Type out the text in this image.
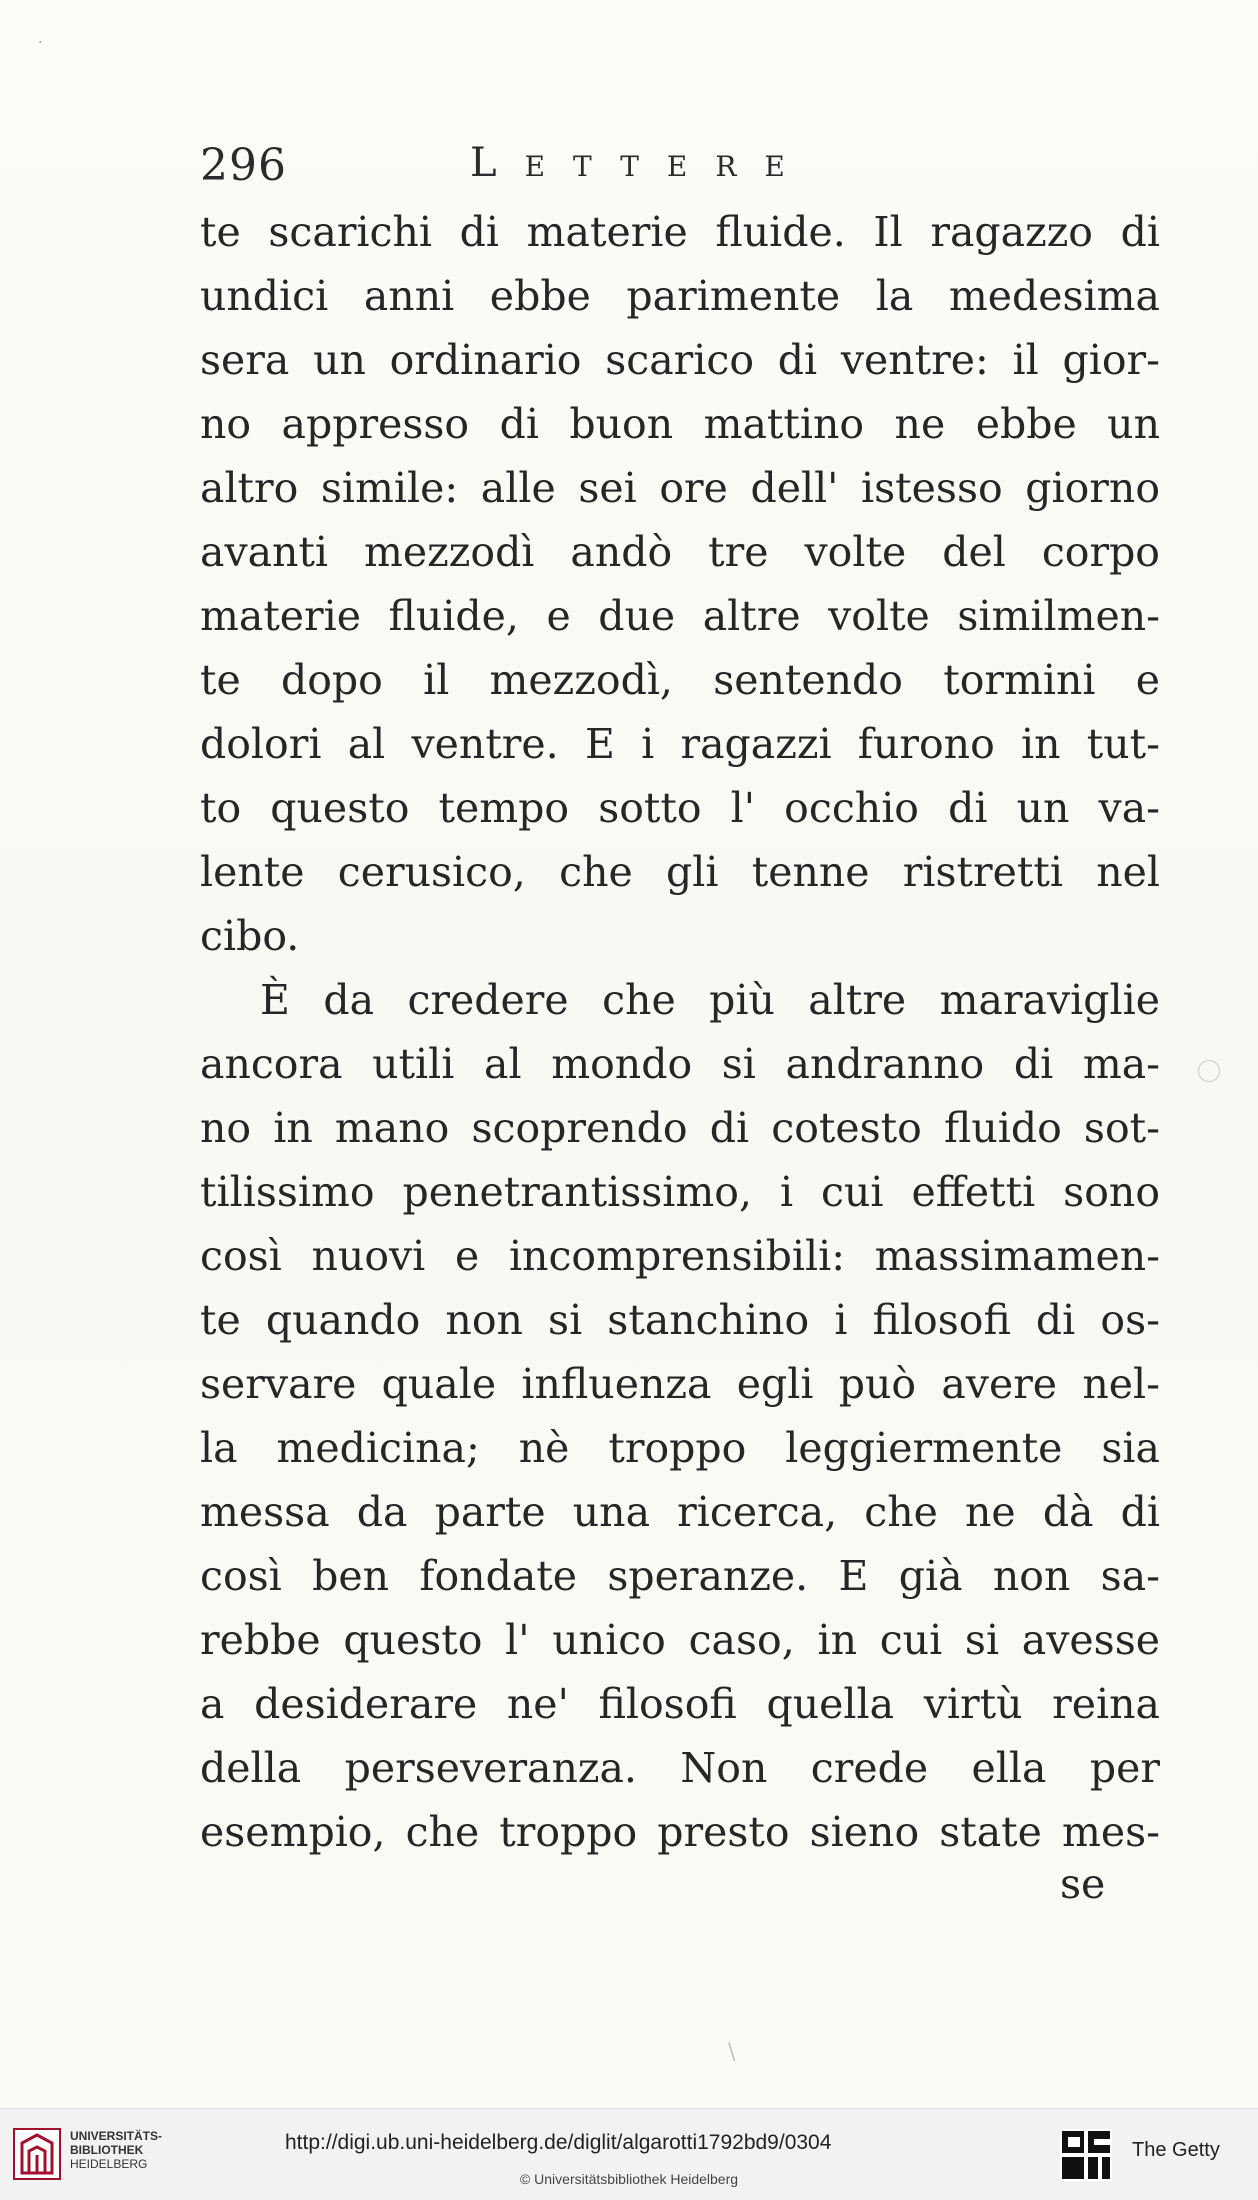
·
\
296	Lettere
te scarichi di materie fluide. Il ragazzo di
undici anni ebbe parimente la medesima
sera un ordinario scarico di ventre: il gior-
no appresso di buon mattino ne ebbe un
altro simile: alle sei ore dell' istesso giorno
avanti mezzodì andò tre volte del corpo
materie fluide, e due altre volte similmen-
te dopo il mezzodì, sentendo tormini e
dolori al ventre. E i ragazzi furono in tut-
to questo tempo sotto l' occhio di un va-
lente cerusico, che gli tenne ristretti nel
cibo.
È da credere che più altre maraviglie
ancora utili al mondo si andranno di ma-
no in mano scoprendo di cotesto fluido sot-
tilissimo penetrantissimo, i cui effetti sono
così nuovi e incomprensibili: massimamen-
te quando non si stanchino i filosofi di os-
servare quale influenza egli può avere nel-
la medicina; nè troppo leggiermente sia
messa da parte una ricerca, che ne dà di
così ben fondate speranze. E già non sa-
rebbe questo l' unico caso, in cui si avesse
a desiderare ne' filosofi quella virtù reina
della perseveranza. Non crede ella per
esempio, che troppo presto sieno state mes-
se
UNIVERSITÄTS-
BIBLIOTHEK
HEIDELBERG
http://digi.ub.uni-heidelberg.de/diglit/algarotti1792bd9/0304
© Universitätsbibliothek Heidelberg
The Getty
